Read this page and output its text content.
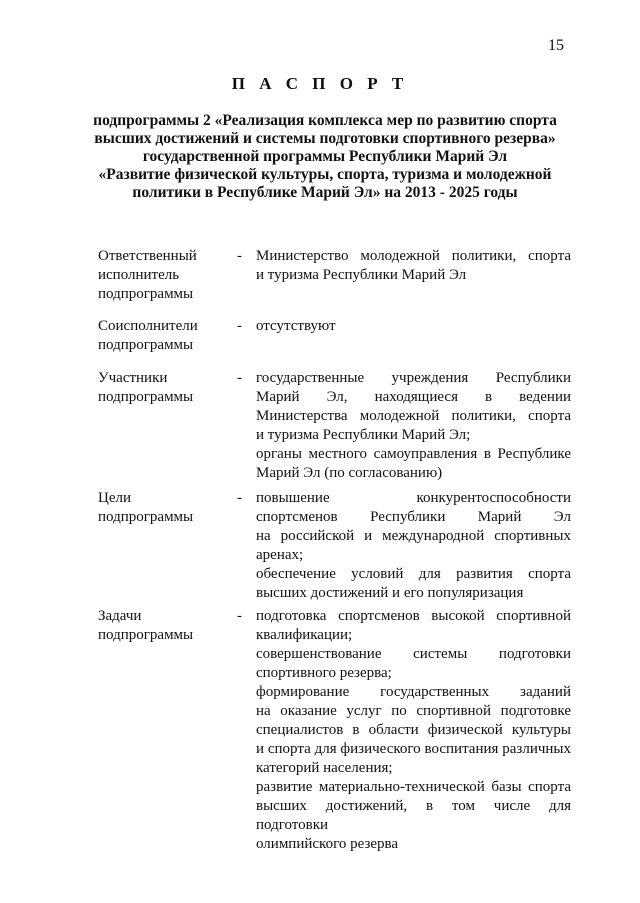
15
П А С П О Р Т
подпрограммы 2 «Реализация комплекса мер по развитию спорта
высших достижений и системы подготовки спортивного резерва»
государственной программы Республики Марий Эл
«Развитие физической культуры, спорта, туризма и молодежной
политики в Республике Марий Эл» на 2013 - 2025 годы
Ответственный
исполнитель
подпрограммы
- Министерство молодежной политики, спорта
и туризма Республики Марий Эл
Соисполнители
подпрограммы
- отсутствуют
Участники
подпрограммы
- государственные учреждения Республики
Марий Эл, находящиеся в ведении
Министерства молодежной политики, спорта
и туризма Республики Марий Эл;
органы местного самоуправления в Республике
Марий Эл (по согласованию)
Цели
подпрограммы
- повышение конкурентоспособности
спортсменов Республики Марий Эл
на российской и международной спортивных
аренах;
обеспечение условий для развития спорта
высших достижений и его популяризация
Задачи
подпрограммы
- подготовка спортсменов высокой спортивной
квалификации;
совершенствование системы подготовки
спортивного резерва;
формирование государственных заданий
на оказание услуг по спортивной подготовке
специалистов в области физической культуры
и спорта для физического воспитания различных
категорий населения;
развитие материально-технической базы спорта
высших достижений, в том числе для подготовки
олимпийского резерва
